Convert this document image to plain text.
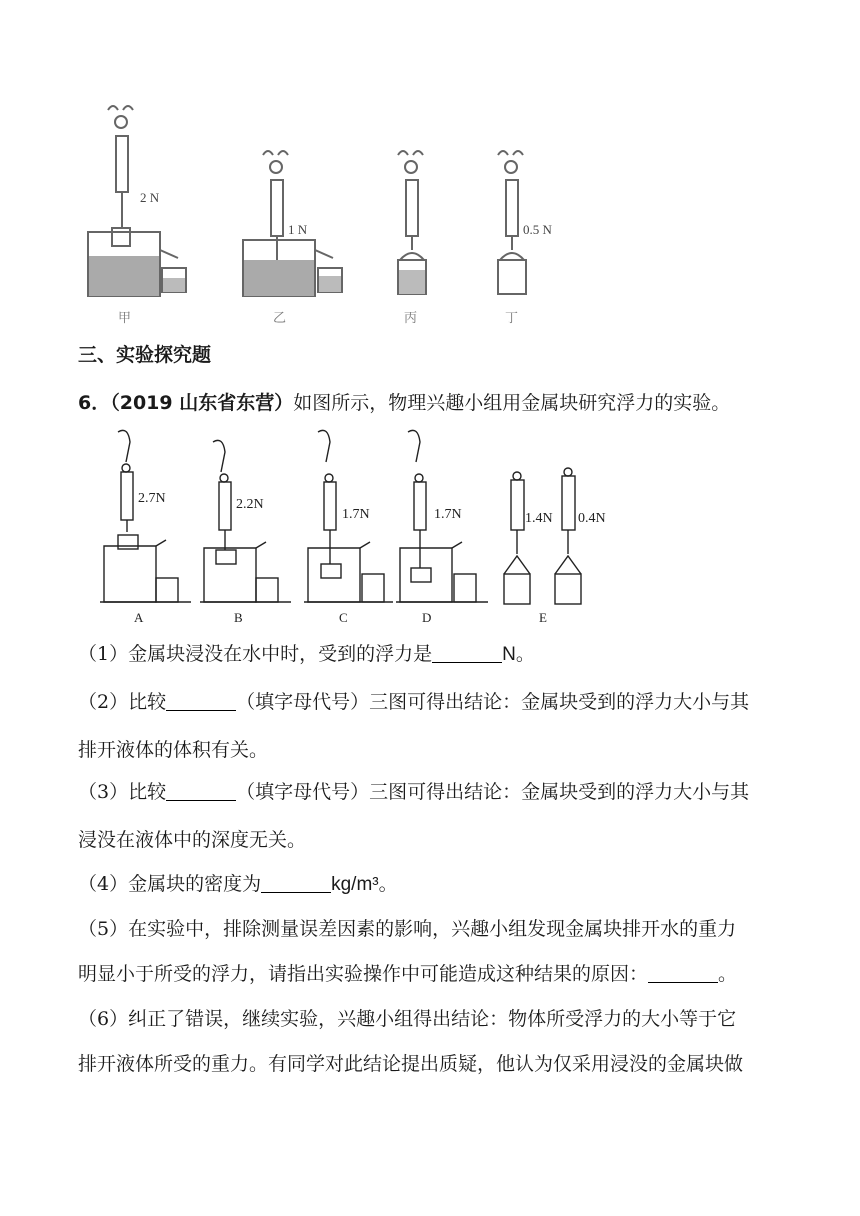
2 N
甲
1 N
乙	丙
0.5 N
丁
三、实验探究题
6．（2019 山东省东营）如图所示，物理兴趣小组用金属块研究浮力的实验。
2.7N
A
2.2N
B
1.7N
C
1.7N
D
1.4N 0.4N
E
（1）金属块浸没在水中时，受到的浮力是	N。
（2）比较	（填字母代号）三图可得出结论：金属块受到的浮力大小与其
排开液体的体积有关。
（3）比较	（填字母代号）三图可得出结论：金属块受到的浮力大小与其
浸没在液体中的深度无关。
（4）金属块的密度为	kg/m³。
（5）在实验中，排除测量误差因素的影响，兴趣小组发现金属块排开水的重力
明显小于所受的浮力，请指出实验操作中可能造成这种结果的原因：	。
（6）纠正了错误，继续实验，兴趣小组得出结论：物体所受浮力的大小等于它
排开液体所受的重力。有同学对此结论提出质疑，他认为仅采用浸没的金属块做
